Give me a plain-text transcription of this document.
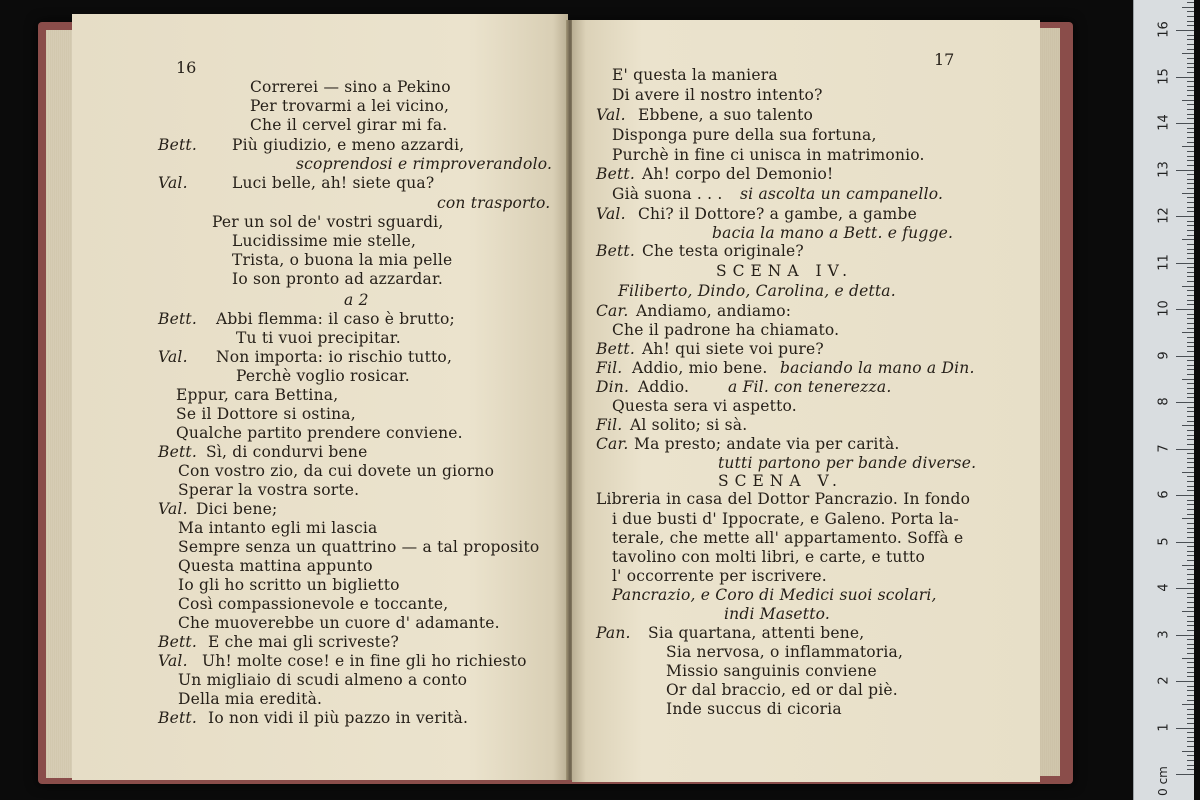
16
Correrei — sino a Pekino
Per trovarmi a lei vicino,
Che il cervel girar mi fa.
Bett. Più giudizio, e meno azzardi,
scoprendosi e rimproverandolo.
Val.	Luci belle, ah! siete qua?
con trasporto.
Per un sol de' vostri sguardi,
Lucidissime mie stelle,
Trista, o buona la mia pelle
Io son pronto ad azzardar.
a 2
Bett. Abbi flemma: il caso è brutto;
Tu ti vuoi precipitar.
Val. Non importa: io rischio tutto,
Perchè voglio rosicar.
Eppur, cara Bettina,
Se il Dottore si ostina,
Qualche partito prendere conviene.
Bett. Sì, di condurvi bene
Con vostro zio, da cui dovete un giorno
Sperar la vostra sorte.
Val. Dici bene;
Ma intanto egli mi lascia
Sempre senza un quattrino — a tal proposito
Questa mattina appunto
Io gli ho scritto un biglietto
Così compassionevole e toccante,
Che muoverebbe un cuore d' adamante.
Bett. E che mai gli scriveste?
Val. Uh! molte cose! e in fine gli ho richiesto
Un migliaio di scudi almeno a conto
Della mia eredità.
Bett. Io non vidi il più pazzo in verità.
17
E' questa la maniera
Di avere il nostro intento?
Val. Ebbene, a suo talento
Disponga pure della sua fortuna,
Purchè in fine ci unisca in matrimonio.
Bett. Ah! corpo del Demonio!
Già suona . . . si ascolta un campanello.
Val. Chi? il Dottore? a gambe, a gambe
bacia la mano a Bett. e fugge.
Bett. Che testa originale?
SCENA IV.
Filiberto, Dindo, Carolina, e detta.
Car. Andiamo, andiamo:
Che il padrone ha chiamato.
Bett. Ah! qui siete voi pure?
Fil. Addio, mio bene. baciando la mano a Din.
Din. Addio.	a Fil. con tenerezza.
Questa sera vi aspetto.
Fil. Al solito; si sà.
Car. Ma presto; andate via per carità.
tutti partono per bande diverse.
SCENA V.
Libreria in casa del Dottor Pancrazio. In fondo
i due busti d' Ippocrate, e Galeno. Porta la-
terale, che mette all' appartamento. Soffà e
tavolino con molti libri, e carte, e tutto
l' occorrente per iscrivere.
Pancrazio, e Coro di Medici suoi scolari,
indi Masetto.
Pan. Sia quartana, attenti bene,
Sia nervosa, o inflammatoria,
Missio sanguinis conviene
Or dal braccio, ed or dal piè.
Inde succus di cicoria
0 cm
1
2
3
4
5
6
7
8
9
10
11
12
13
14
15
16
